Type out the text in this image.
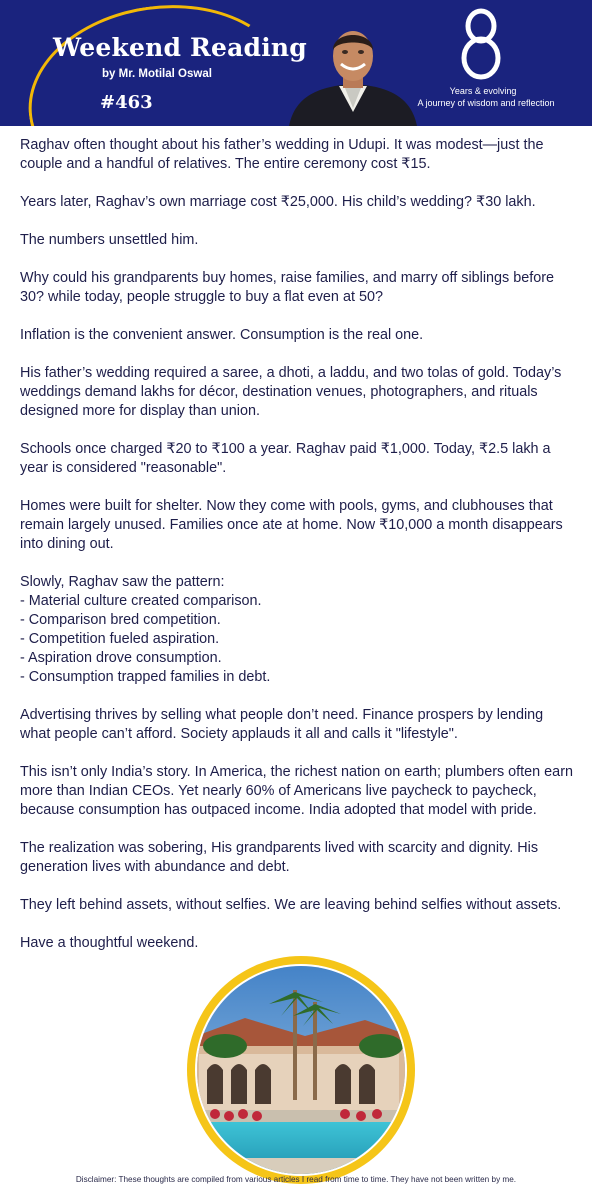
Weekend Reading
by Mr. Motilal Oswal
#463
Years & evolving
A journey of wisdom and reflection

Raghav often thought about his father’s wedding in Udupi. It was modest—just the couple and a handful of relatives. The entire ceremony cost ₹15.

Years later, Raghav’s own marriage cost ₹25,000. His child’s wedding? ₹30 lakh.

The numbers unsettled him.

Why could his grandparents buy homes, raise families, and marry off siblings before 30? while today, people struggle to buy a flat even at 50?

Inflation is the convenient answer. Consumption is the real one.

His father’s wedding required a saree, a dhoti, a laddu, and two tolas of gold. Today’s weddings demand lakhs for décor, destination venues, photographers, and rituals designed more for display than union.

Schools once charged ₹20 to ₹100 a year. Raghav paid ₹1,000. Today, ₹2.5 lakh a year is considered "reasonable".

Homes were built for shelter. Now they come with pools, gyms, and clubhouses that remain largely unused. Families once ate at home. Now ₹10,000 a month disappears into dining out.

Slowly, Raghav saw the pattern:

- Material culture created comparison.
- Comparison bred competition.
- Competition fueled aspiration.
- Aspiration drove consumption.
- Consumption trapped families in debt.

Advertising thrives by selling what people don’t need. Finance prospers by lending what people can’t afford. Society applauds it all and calls it "lifestyle".

This isn’t only India’s story. In America, the richest nation on earth; plumbers often earn more than Indian CEOs. Yet nearly 60% of Americans live paycheck to paycheck, because consumption has outpaced income. India adopted that model with pride.

The realization was sobering, His grandparents lived with scarcity and dignity. His generation lives with abundance and debt.

They left behind assets, without selfies. We are leaving behind selfies without assets.

Have a thoughtful weekend.

Disclaimer: These thoughts are compiled from various articles I read from time to time. They have not been written by me.
